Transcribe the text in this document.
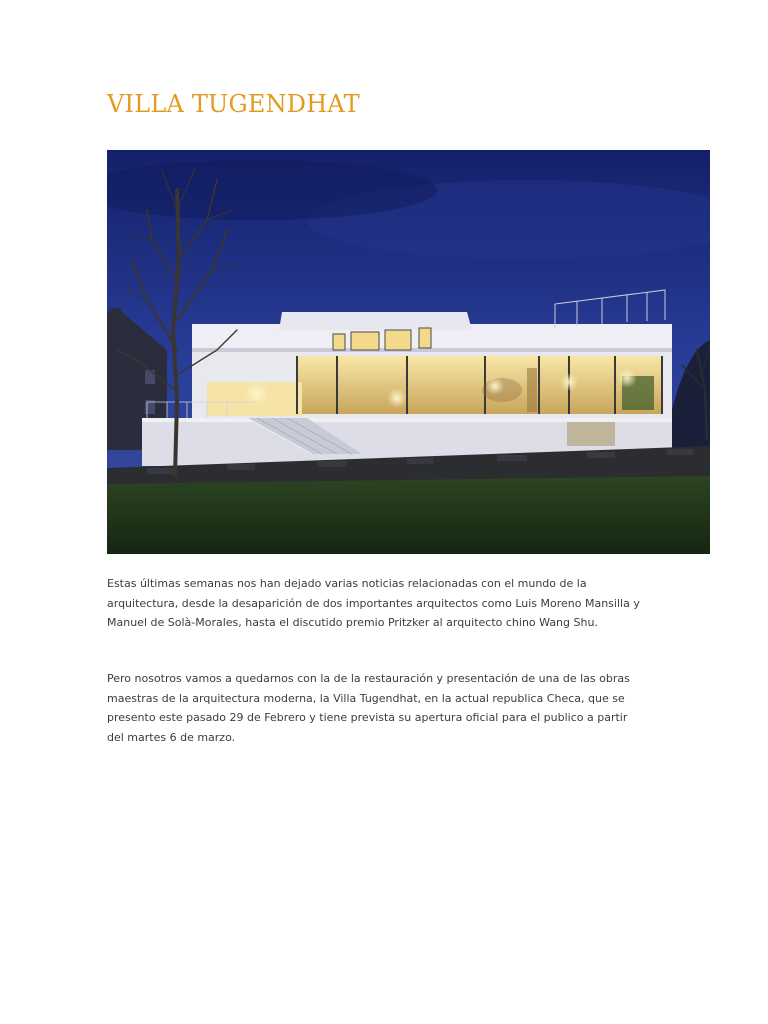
VILLA TUGENDHAT

Estas últimas semanas nos han dejado varias noticias relacionadas con el mundo de la
arquitectura, desde la desaparición de dos importantes arquitectos como Luis Moreno Mansilla y
Manuel de Solà-Morales, hasta el discutido premio Pritzker al arquitecto chino Wang Shu.

Pero nosotros vamos a quedarnos con la de la restauración y presentación de una de las obras
maestras de la arquitectura moderna, la Villa Tugendhat, en la actual republica Checa, que se
presento este pasado 29 de Febrero y tiene prevista su apertura oficial para el publico a partir
del martes 6 de marzo.
